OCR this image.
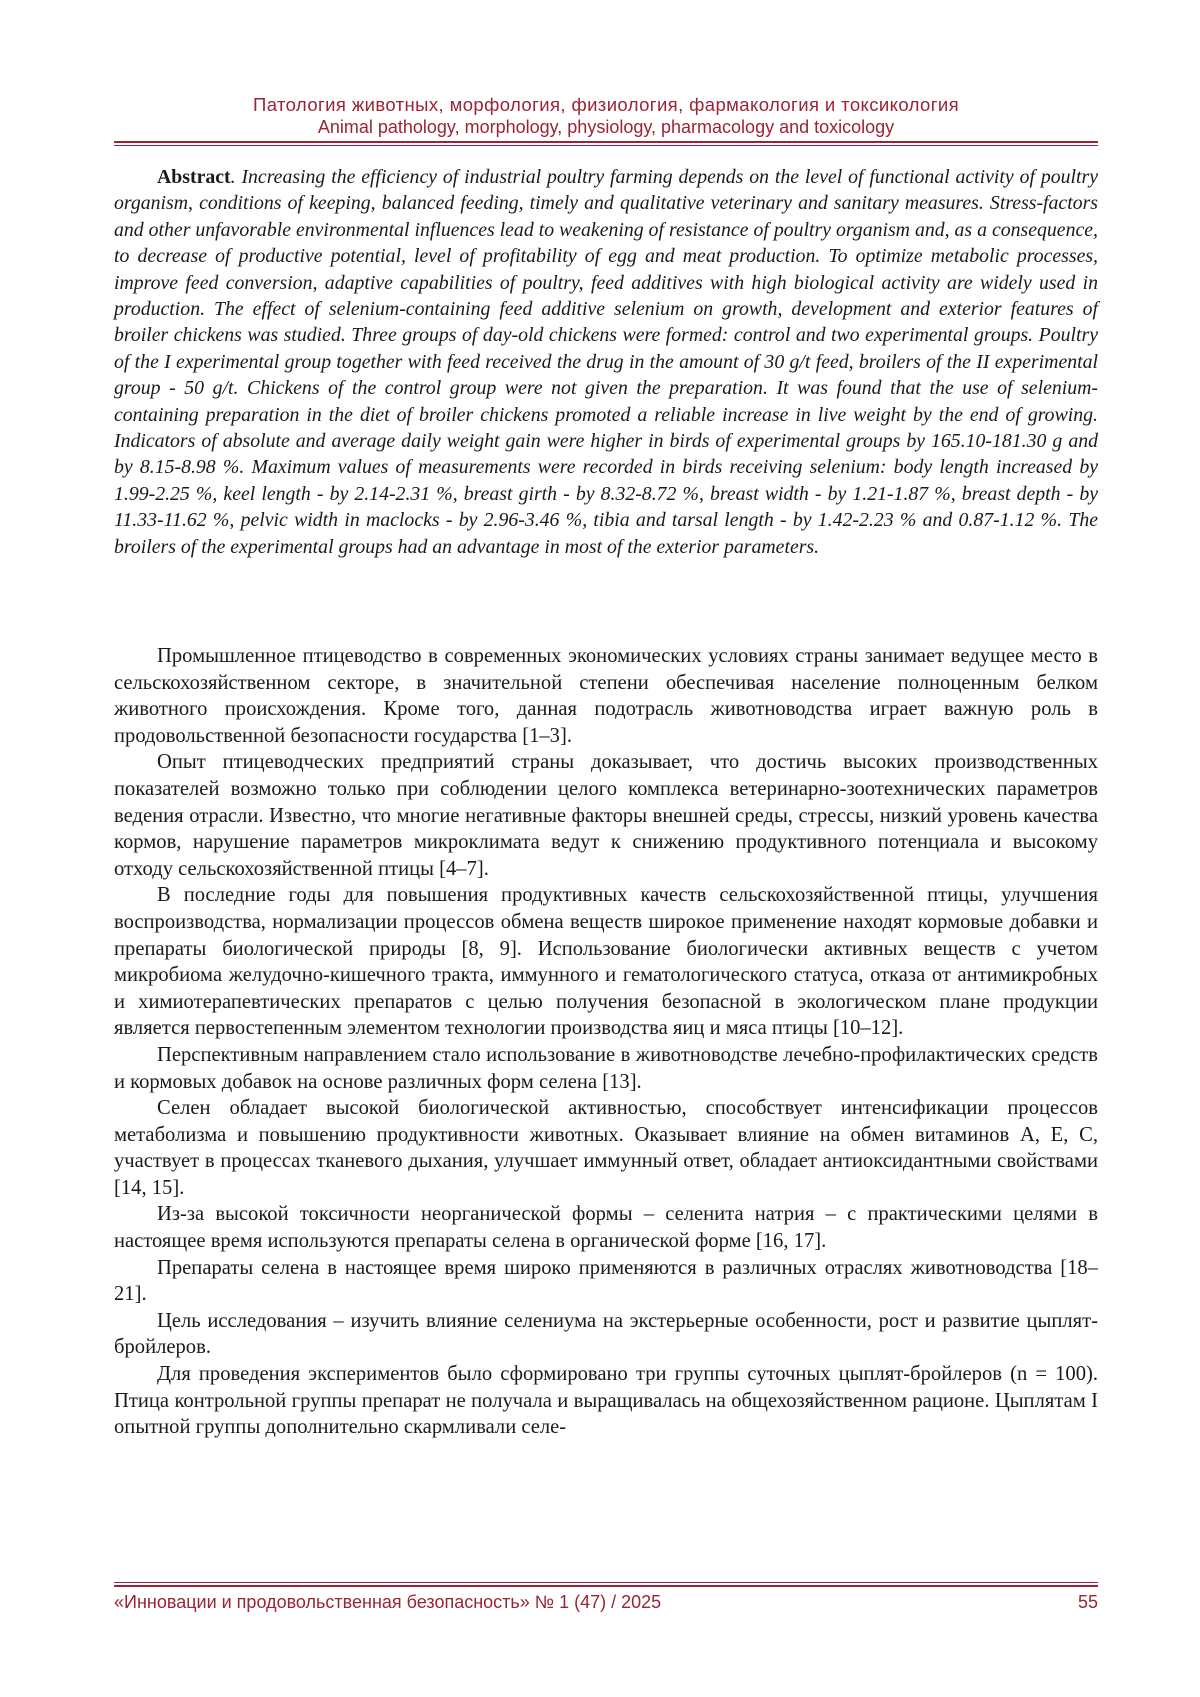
Патология животных, морфология, физиология, фармакология и токсикология
Animal pathology, morphology, physiology, pharmacology and toxicology

Abstract. Increasing the efficiency of industrial poultry farming depends on the level of functional activity of poultry organism, conditions of keeping, balanced feeding, timely and qualitative veterinary and sanitary measures. Stress-factors and other unfavorable environmental influences lead to weakening of resistance of poultry organism and, as a consequence, to decrease of productive potential, level of profitability of egg and meat production. To optimize metabolic processes, improve feed conversion, adaptive capabilities of poultry, feed additives with high biological activity are widely used in production. The effect of selenium-containing feed additive selenium on growth, development and exterior features of broiler chickens was studied. Three groups of day-old chickens were formed: control and two experimental groups. Poultry of the I experimental group together with feed received the drug in the amount of 30 g/t feed, broilers of the II experimental group - 50 g/t. Chickens of the control group were not given the preparation. It was found that the use of selenium-containing preparation in the diet of broiler chickens promoted a reliable increase in live weight by the end of growing. Indicators of absolute and average daily weight gain were higher in birds of experimental groups by 165.10-181.30 g and by 8.15-8.98 %. Maximum values of measurements were recorded in birds receiving selenium: body length increased by 1.99-2.25 %, keel length - by 2.14-2.31 %, breast girth - by 8.32-8.72 %, breast width - by 1.21-1.87 %, breast depth - by 11.33-11.62 %, pelvic width in maclocks - by 2.96-3.46 %, tibia and tarsal length - by 1.42-2.23 % and 0.87-1.12 %. The broilers of the experimental groups had an advantage in most of the exterior parameters.

Промышленное птицеводство в современных экономических условиях страны занимает ведущее место в сельскохозяйственном секторе, в значительной степени обеспечивая население полноценным белком животного происхождения. Кроме того, данная подотрасль животноводства играет важную роль в продовольственной безопасности государства [1–3].

Опыт птицеводческих предприятий страны доказывает, что достичь высоких производственных показателей возможно только при соблюдении целого комплекса ветеринарно-зоотехнических параметров ведения отрасли. Известно, что многие негативные факторы внешней среды, стрессы, низкий уровень качества кормов, нарушение параметров микроклимата ведут к снижению продуктивного потенциала и высокому отходу сельскохозяйственной птицы [4–7].

В последние годы для повышения продуктивных качеств сельскохозяйственной птицы, улучшения воспроизводства, нормализации процессов обмена веществ широкое применение находят кормовые добавки и препараты биологической природы [8, 9]. Использование биологически активных веществ с учетом микробиома желудочно-кишечного тракта, иммунного и гематологического статуса, отказа от антимикробных и химиотерапевтических препаратов с целью получения безопасной в экологическом плане продукции является первостепенным элементом технологии производства яиц и мяса птицы [10–12].

Перспективным направлением стало использование в животноводстве лечебно-профилактических средств и кормовых добавок на основе различных форм селена [13].

Селен обладает высокой биологической активностью, способствует интенсификации процессов метаболизма и повышению продуктивности животных. Оказывает влияние на обмен витаминов А, Е, С, участвует в процессах тканевого дыхания, улучшает иммунный ответ, обладает антиоксидантными свойствами [14, 15].

Из-за высокой токсичности неорганической формы – селенита натрия – с практическими целями в настоящее время используются препараты селена в органической форме [16, 17].

Препараты селена в настоящее время широко применяются в различных отраслях животноводства [18–21].

Цель исследования – изучить влияние селениума на экстерьерные особенности, рост и развитие цыплят-бройлеров.

Для проведения экспериментов было сформировано три группы суточных цыплят-бройлеров (n = 100). Птица контрольной группы препарат не получала и выращивалась на общехозяйственном рационе. Цыплятам I опытной группы дополнительно скармливали селе-

«Инновации и продовольственная безопасность» № 1 (47) / 2025	55
